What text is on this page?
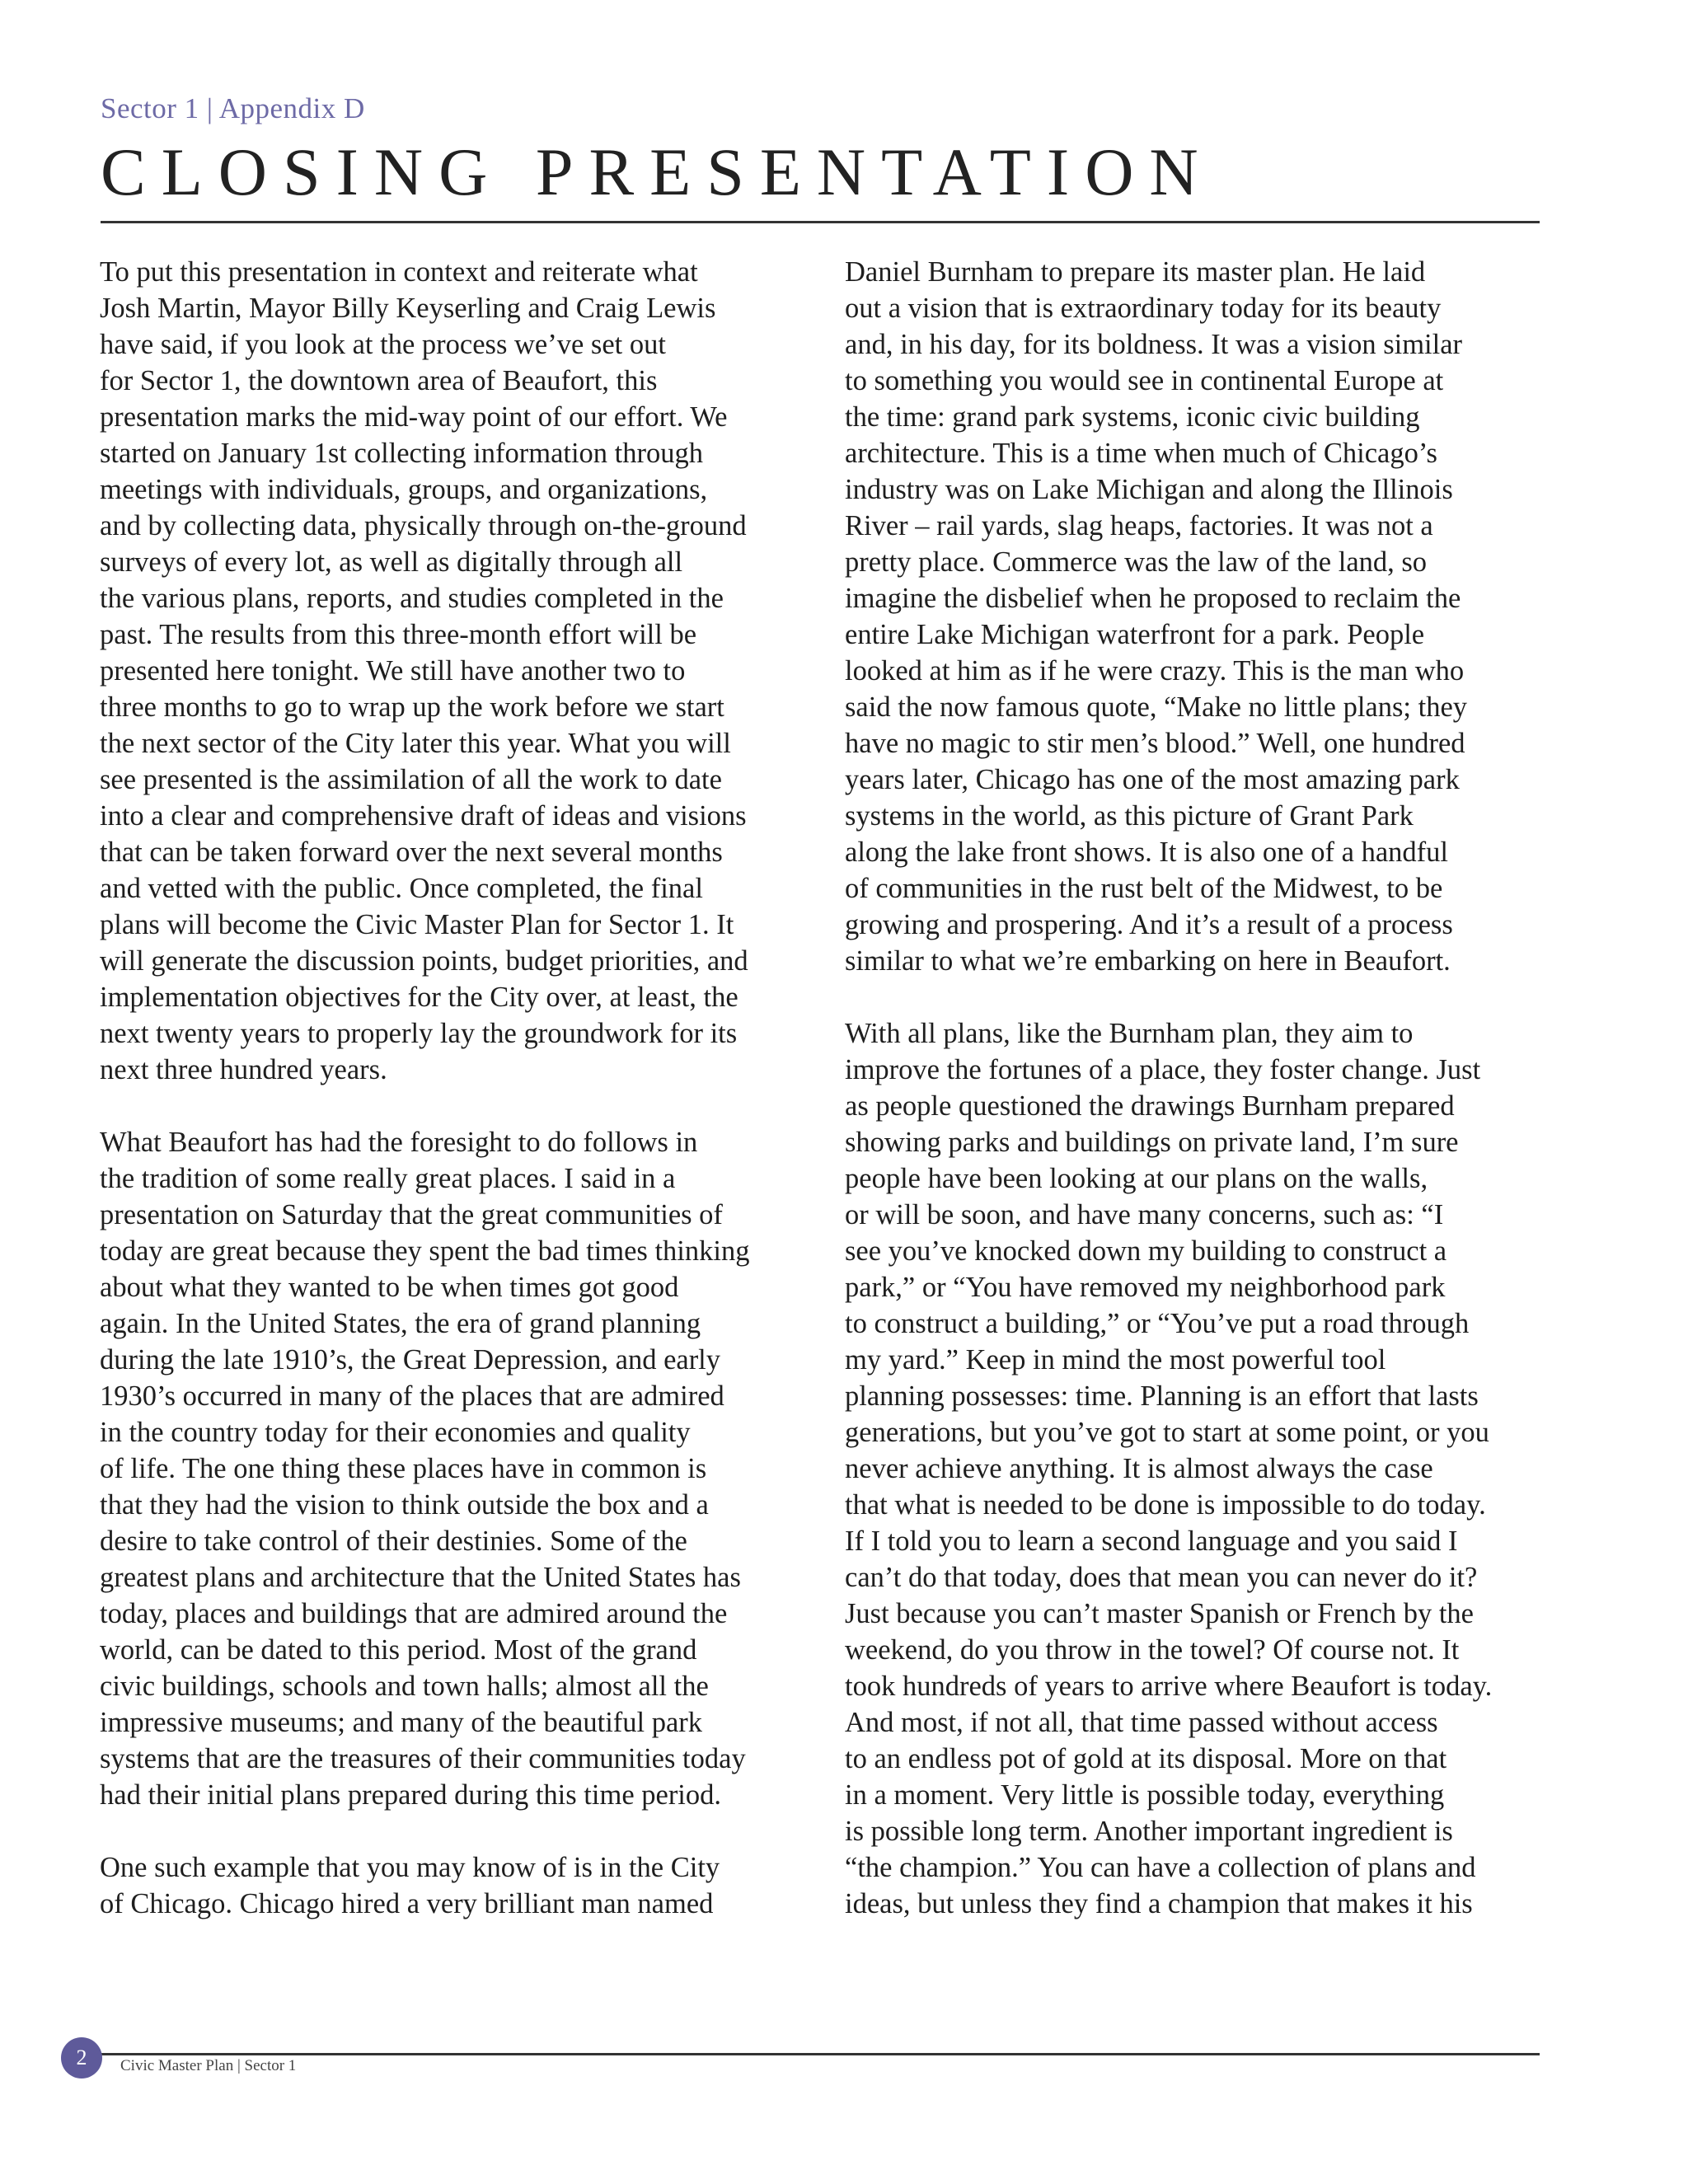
Sector 1 | Appendix D
CLOSING PRESENTATION
To put this presentation in context and reiterate what
Josh Martin, Mayor Billy Keyserling and Craig Lewis
have said, if you look at the process we’ve set out
for Sector 1, the downtown area of Beaufort, this
presentation marks the mid-way point of our effort. We
started on January 1st collecting information through
meetings with individuals, groups, and organizations,
and by collecting data, physically through on-the-ground
surveys of every lot, as well as digitally through all
the various plans, reports, and studies completed in the
past. The results from this three-month effort will be
presented here tonight. We still have another two to
three months to go to wrap up the work before we start
the next sector of the City later this year. What you will
see presented is the assimilation of all the work to date
into a clear and comprehensive draft of ideas and visions
that can be taken forward over the next several months
and vetted with the public. Once completed, the final
plans will become the Civic Master Plan for Sector 1. It
will generate the discussion points, budget priorities, and
implementation objectives for the City over, at least, the
next twenty years to properly lay the groundwork for its
next three hundred years.
What Beaufort has had the foresight to do follows in
the tradition of some really great places. I said in a
presentation on Saturday that the great communities of
today are great because they spent the bad times thinking
about what they wanted to be when times got good
again. In the United States, the era of grand planning
during the late 1910’s, the Great Depression, and early
1930’s occurred in many of the places that are admired
in the country today for their economies and quality
of life. The one thing these places have in common is
that they had the vision to think outside the box and a
desire to take control of their destinies. Some of the
greatest plans and architecture that the United States has
today, places and buildings that are admired around the
world, can be dated to this period. Most of the grand
civic buildings, schools and town halls; almost all the
impressive museums; and many of the beautiful park
systems that are the treasures of their communities today
had their initial plans prepared during this time period.
One such example that you may know of is in the City
of Chicago. Chicago hired a very brilliant man named
Daniel Burnham to prepare its master plan. He laid
out a vision that is extraordinary today for its beauty
and, in his day, for its boldness. It was a vision similar
to something you would see in continental Europe at
the time: grand park systems, iconic civic building
architecture. This is a time when much of Chicago’s
industry was on Lake Michigan and along the Illinois
River – rail yards, slag heaps, factories. It was not a
pretty place. Commerce was the law of the land, so
imagine the disbelief when he proposed to reclaim the
entire Lake Michigan waterfront for a park. People
looked at him as if he were crazy. This is the man who
said the now famous quote, “Make no little plans; they
have no magic to stir men’s blood.” Well, one hundred
years later, Chicago has one of the most amazing park
systems in the world, as this picture of Grant Park
along the lake front shows. It is also one of a handful
of communities in the rust belt of the Midwest, to be
growing and prospering. And it’s a result of a process
similar to what we’re embarking on here in Beaufort.
With all plans, like the Burnham plan, they aim to
improve the fortunes of a place, they foster change. Just
as people questioned the drawings Burnham prepared
showing parks and buildings on private land, I’m sure
people have been looking at our plans on the walls,
or will be soon, and have many concerns, such as: “I
see you’ve knocked down my building to construct a
park,” or “You have removed my neighborhood park
to construct a building,” or “You’ve put a road through
my yard.” Keep in mind the most powerful tool
planning possesses: time. Planning is an effort that lasts
generations, but you’ve got to start at some point, or you
never achieve anything. It is almost always the case
that what is needed to be done is impossible to do today.
If I told you to learn a second language and you said I
can’t do that today, does that mean you can never do it?
Just because you can’t master Spanish or French by the
weekend, do you throw in the towel? Of course not. It
took hundreds of years to arrive where Beaufort is today.
And most, if not all, that time passed without access
to an endless pot of gold at its disposal. More on that
in a moment. Very little is possible today, everything
is possible long term. Another important ingredient is
“the champion.” You can have a collection of plans and
ideas, but unless they find a champion that makes it his
2	Civic Master Plan | Sector 1
